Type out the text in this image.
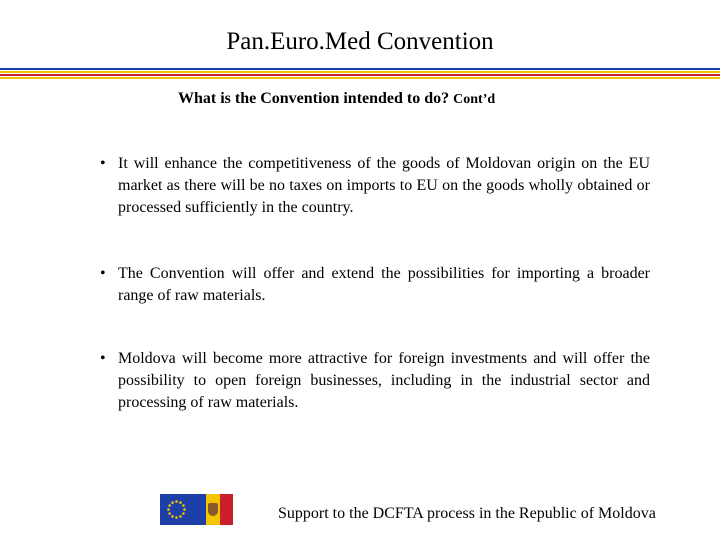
Pan.Euro.Med Convention
What is the Convention intended to do? Cont’d
• It will enhance the competitiveness of the goods of Moldovan origin on the EU market as there will be no taxes on imports to EU on the goods wholly obtained or processed sufficiently in the country.
• The Convention will offer and extend the possibilities for importing a broader range of raw materials.
• Moldova will become more attractive for foreign investments and will offer the possibility to open foreign businesses, including in the industrial sector and processing of raw materials.
Support to the DCFTA process in the Republic of Moldova
